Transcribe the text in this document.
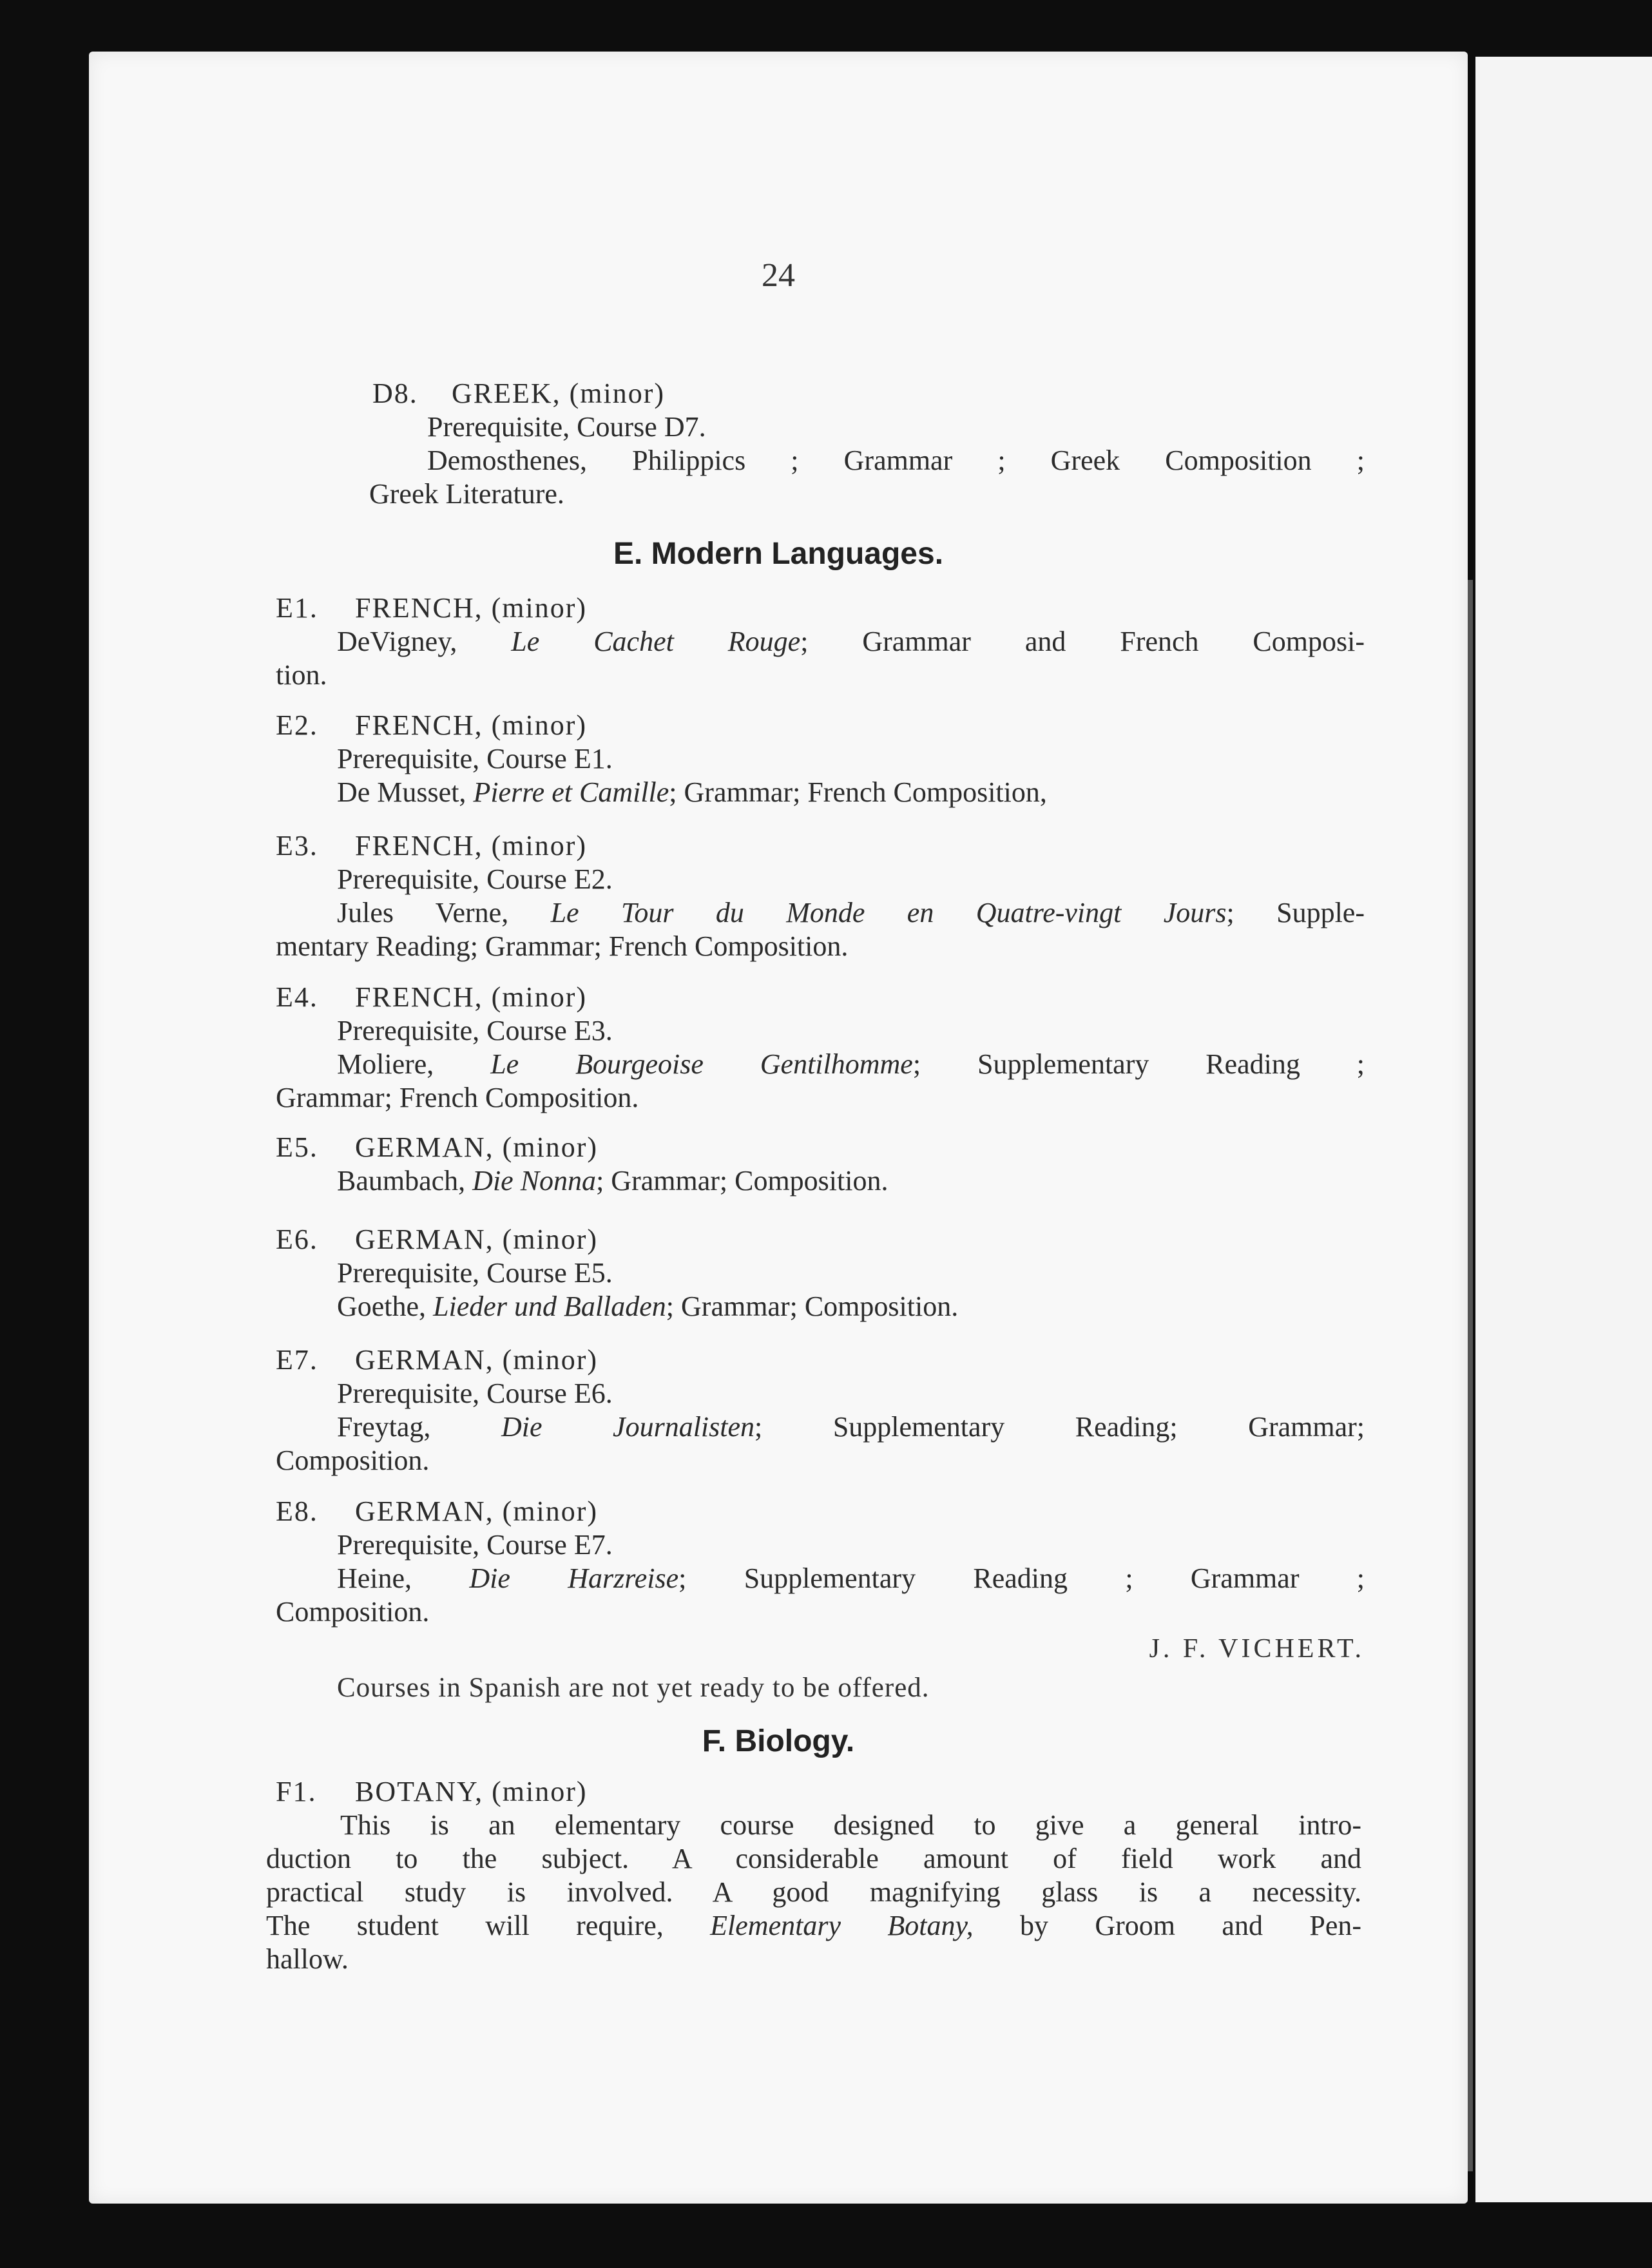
24
D8. GREEK, (minor)
Prerequisite, Course D7.
Demosthenes, Philippics ; Grammar ; Greek Composition ;
Greek Literature.
E. Modern Languages.
E1. FRENCH, (minor)
DeVigney, Le Cachet Rouge; Grammar and French Composi-
tion.
E2. FRENCH, (minor)
Prerequisite, Course E1.
De Musset, Pierre et Camille; Grammar; French Composition,
E3. FRENCH, (minor)
Prerequisite, Course E2.
Jules Verne, Le Tour du Monde en Quatre-vingt Jours; Supple-
mentary Reading; Grammar; French Composition.
E4. FRENCH, (minor)
Prerequisite, Course E3.
Moliere, Le Bourgeoise Gentilhomme; Supplementary Reading ;
Grammar; French Composition.
E5. GERMAN, (minor)
Baumbach, Die Nonna; Grammar; Composition.
E6. GERMAN, (minor)
Prerequisite, Course E5.
Goethe, Lieder und Balladen; Grammar; Composition.
E7. GERMAN, (minor)
Prerequisite, Course E6.
Freytag, Die Journalisten; Supplementary Reading; Grammar;
Composition.
E8. GERMAN, (minor)
Prerequisite, Course E7.
Heine, Die Harzreise; Supplementary Reading ; Grammar ;
Composition.
J. F. VICHERT.
Courses in Spanish are not yet ready to be offered.
F. Biology.
F1. BOTANY, (minor)
This is an elementary course designed to give a general intro-
duction to the subject. A considerable amount of field work and
practical study is involved. A good magnifying glass is a necessity.
The student will require, Elementary Botany, by Groom and Pen-
hallow.
